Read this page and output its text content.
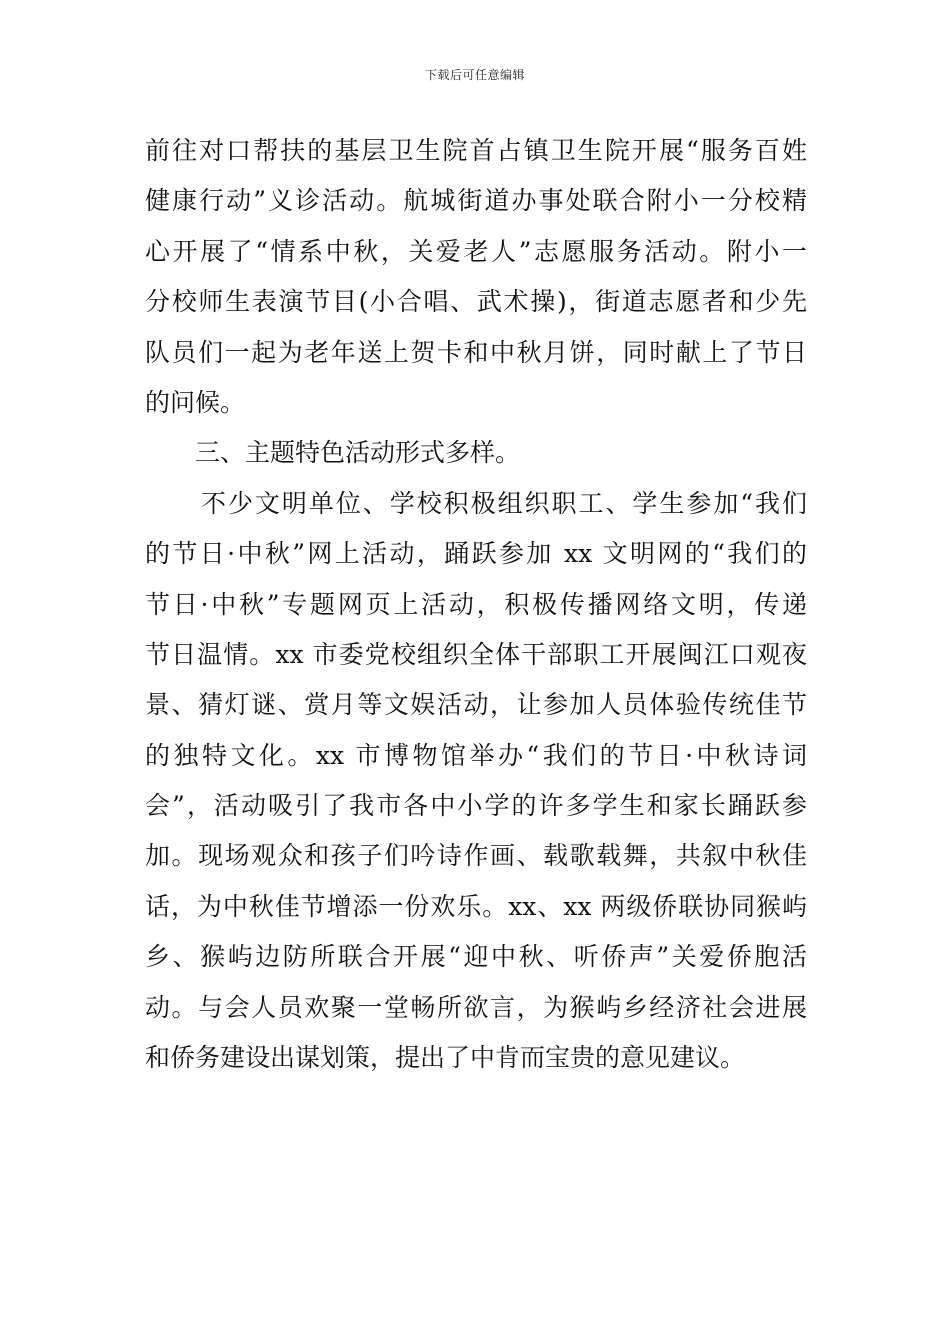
下载后可任意编辑
前往对口帮扶的基层卫生院首占镇卫生院开展“服务百姓
健康行动”义诊活动。航城街道办事处联合附小一分校精
心开展了“情系中秋，关爱老人”志愿服务活动。附小一
分校师生表演节目(小合唱、武术操)，街道志愿者和少先
队员们一起为老年送上贺卡和中秋月饼，同时献上了节日
的问候。
三、主题特色活动形式多样。
不少文明单位、学校积极组织职工、学生参加“我们
的节日·中秋”网上活动，踊跃参加 xx 文明网的“我们的
节日·中秋”专题网页上活动，积极传播网络文明，传递
节日温情。xx 市委党校组织全体干部职工开展闽江口观夜
景、猜灯谜、赏月等文娱活动，让参加人员体验传统佳节
的独特文化。xx 市博物馆举办“我们的节日·中秋诗词
会”，活动吸引了我市各中小学的许多学生和家长踊跃参
加。现场观众和孩子们吟诗作画、载歌载舞，共叙中秋佳
话，为中秋佳节增添一份欢乐。xx、xx 两级侨联协同猴屿
乡、猴屿边防所联合开展“迎中秋、听侨声”关爱侨胞活
动。与会人员欢聚一堂畅所欲言，为猴屿乡经济社会进展
和侨务建设出谋划策，提出了中肯而宝贵的意见建议。
